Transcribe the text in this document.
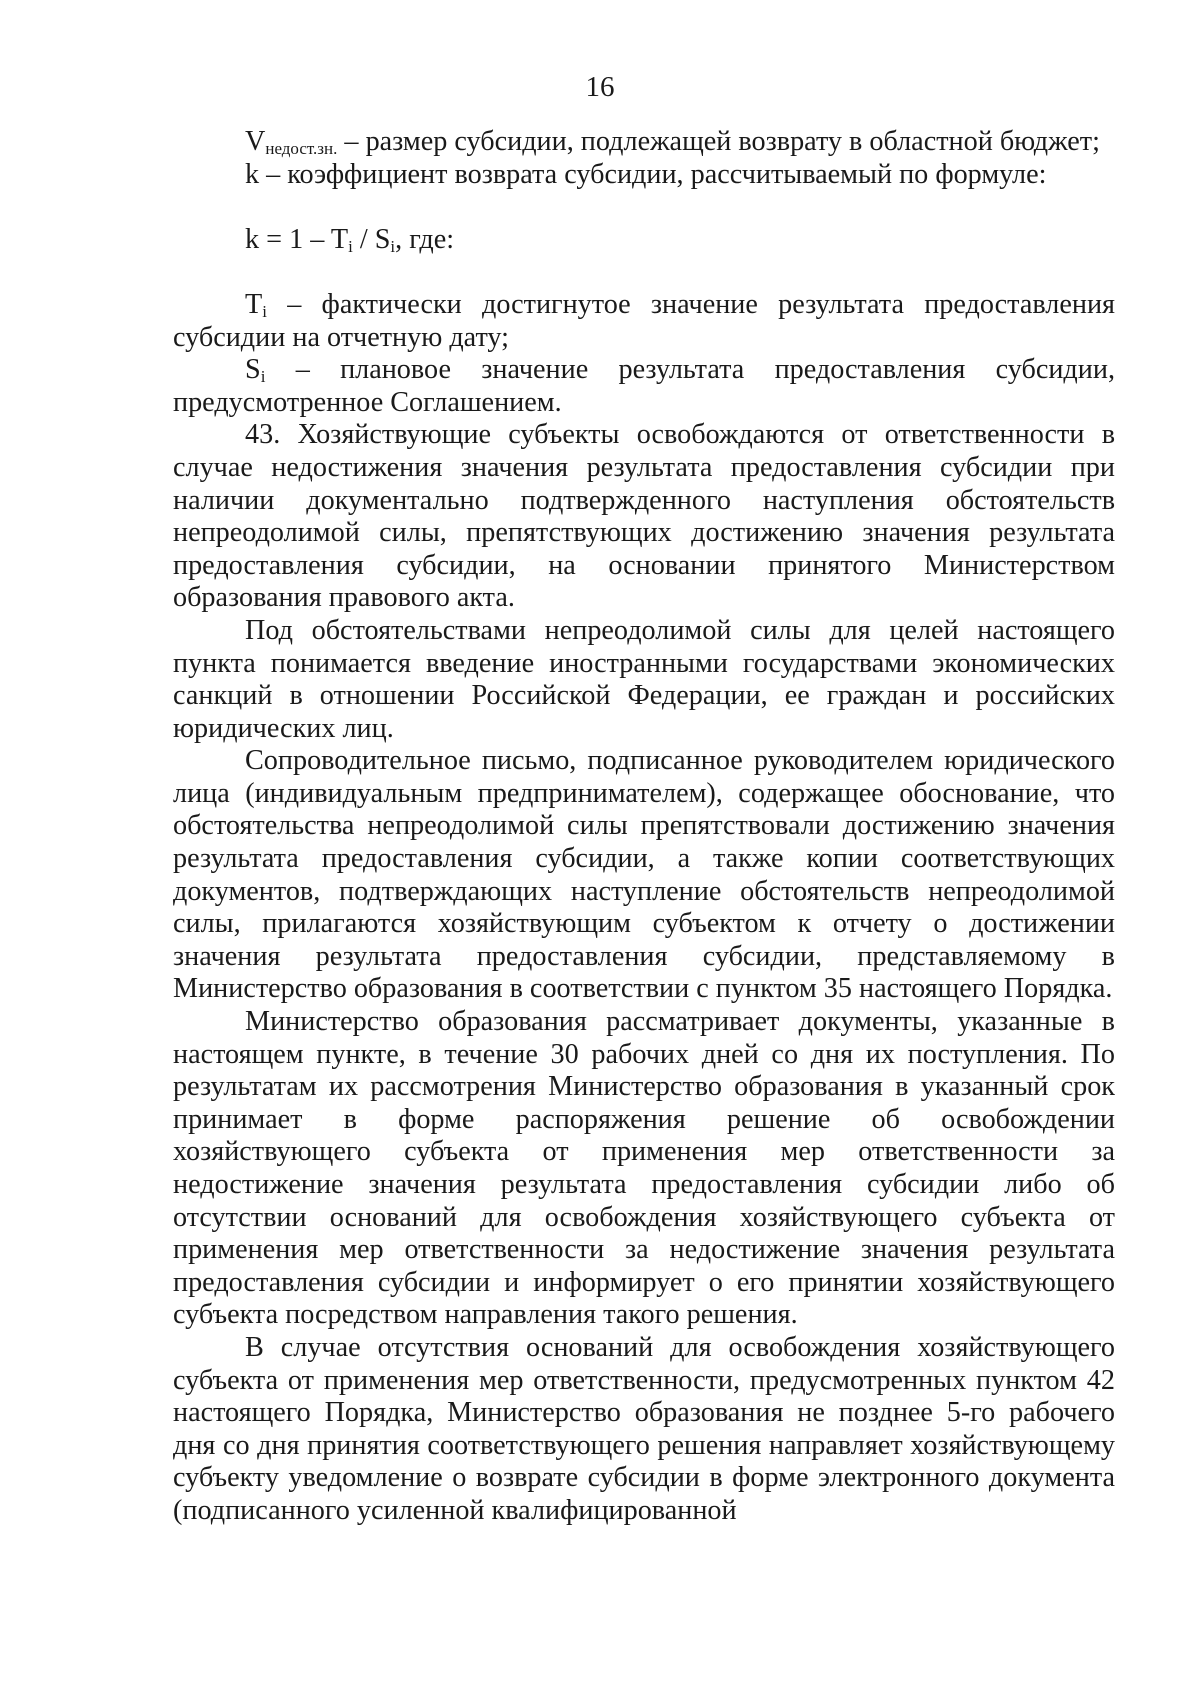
16

$V_{недост.зн.}$ – размер субсидии, подлежащей возврату в областной бюджет;

k – коэффициент возврата субсидии, рассчитываемый по формуле:

$k = 1 - T_i / S_i$, где:

$T_i$ – фактически достигнутое значение результата предоставления субсидии на отчетную дату;

$S_i$ – плановое значение результата предоставления субсидии, предусмотренное Соглашением.

43. Хозяйствующие субъекты освобождаются от ответственности в случае недостижения значения результата предоставления субсидии при наличии документально подтвержденного наступления обстоятельств непреодолимой силы, препятствующих достижению значения результата предоставления субсидии, на основании принятого Министерством образования правового акта.

Под обстоятельствами непреодолимой силы для целей настоящего пункта понимается введение иностранными государствами экономических санкций в отношении Российской Федерации, ее граждан и российских юридических лиц.

Сопроводительное письмо, подписанное руководителем юридического лица (индивидуальным предпринимателем), содержащее обоснование, что обстоятельства непреодолимой силы препятствовали достижению значения результата предоставления субсидии, а также копии соответствующих документов, подтверждающих наступление обстоятельств непреодолимой силы, прилагаются хозяйствующим субъектом к отчету о достижении значения результата предоставления субсидии, представляемому в Министерство образования в соответствии с пунктом 35 настоящего Порядка.

Министерство образования рассматривает документы, указанные в настоящем пункте, в течение 30 рабочих дней со дня их поступления. По результатам их рассмотрения Министерство образования в указанный срок принимает в форме распоряжения решение об освобождении хозяйствующего субъекта от применения мер ответственности за недостижение значения результата предоставления субсидии либо об отсутствии оснований для освобождения хозяйствующего субъекта от применения мер ответственности за недостижение значения результата предоставления субсидии и информирует о его принятии хозяйствующего субъекта посредством направления такого решения.

В случае отсутствия оснований для освобождения хозяйствующего субъекта от применения мер ответственности, предусмотренных пунктом 42 настоящего Порядка, Министерство образования не позднее 5-го рабочего дня со дня принятия соответствующего решения направляет хозяйствующему субъекту уведомление о возврате субсидии в форме электронного документа (подписанного усиленной квалифицированной
